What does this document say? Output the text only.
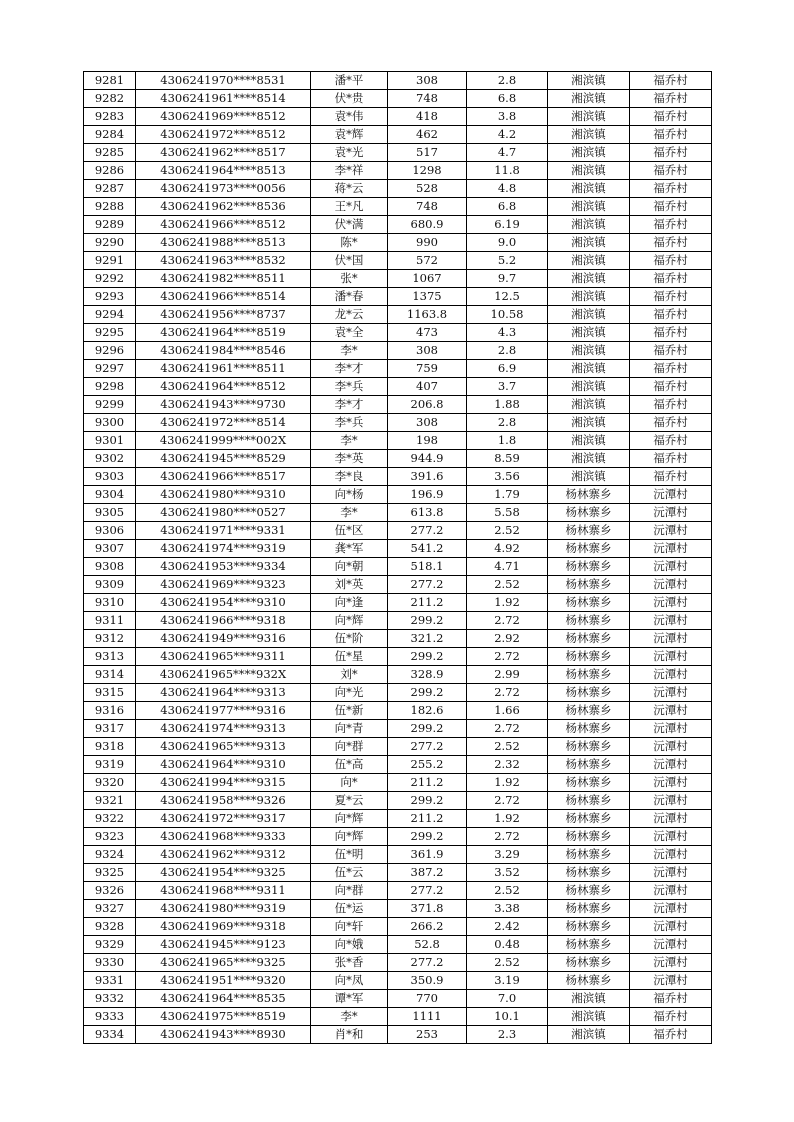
9281	4306241970****8531	潘*平	308	2.8	湘滨镇	福乔村
9282	4306241961****8514	伏*贵	748	6.8	湘滨镇	福乔村
9283	4306241969****8512	袁*伟	418	3.8	湘滨镇	福乔村
9284	4306241972****8512	袁*辉	462	4.2	湘滨镇	福乔村
9285	4306241962****8517	袁*光	517	4.7	湘滨镇	福乔村
9286	4306241964****8513	李*祥	1298	11.8	湘滨镇	福乔村
9287	4306241973****0056	蒋*云	528	4.8	湘滨镇	福乔村
9288	4306241962****8536	王*凡	748	6.8	湘滨镇	福乔村
9289	4306241966****8512	伏*满	680.9	6.19	湘滨镇	福乔村
9290	4306241988****8513	陈*	990	9.0	湘滨镇	福乔村
9291	4306241963****8532	伏*国	572	5.2	湘滨镇	福乔村
9292	4306241982****8511	张*	1067	9.7	湘滨镇	福乔村
9293	4306241966****8514	潘*春	1375	12.5	湘滨镇	福乔村
9294	4306241956****8737	龙*云	1163.8	10.58	湘滨镇	福乔村
9295	4306241964****8519	袁*全	473	4.3	湘滨镇	福乔村
9296	4306241984****8546	李*	308	2.8	湘滨镇	福乔村
9297	4306241961****8511	李*才	759	6.9	湘滨镇	福乔村
9298	4306241964****8512	李*兵	407	3.7	湘滨镇	福乔村
9299	4306241943****9730	李*才	206.8	1.88	湘滨镇	福乔村
9300	4306241972****8514	李*兵	308	2.8	湘滨镇	福乔村
9301	4306241999****002X	李*	198	1.8	湘滨镇	福乔村
9302	4306241945****8529	李*英	944.9	8.59	湘滨镇	福乔村
9303	4306241966****8517	李*良	391.6	3.56	湘滨镇	福乔村
9304	4306241980****9310	向*杨	196.9	1.79	杨林寨乡	沅潭村
9305	4306241980****0527	李*	613.8	5.58	杨林寨乡	沅潭村
9306	4306241971****9331	伍*区	277.2	2.52	杨林寨乡	沅潭村
9307	4306241974****9319	龚*军	541.2	4.92	杨林寨乡	沅潭村
9308	4306241953****9334	向*朝	518.1	4.71	杨林寨乡	沅潭村
9309	4306241969****9323	刘*英	277.2	2.52	杨林寨乡	沅潭村
9310	4306241954****9310	向*逢	211.2	1.92	杨林寨乡	沅潭村
9311	4306241966****9318	向*辉	299.2	2.72	杨林寨乡	沅潭村
9312	4306241949****9316	伍*阶	321.2	2.92	杨林寨乡	沅潭村
9313	4306241965****9311	伍*星	299.2	2.72	杨林寨乡	沅潭村
9314	4306241965****932X	刘*	328.9	2.99	杨林寨乡	沅潭村
9315	4306241964****9313	向*光	299.2	2.72	杨林寨乡	沅潭村
9316	4306241977****9316	伍*新	182.6	1.66	杨林寨乡	沅潭村
9317	4306241974****9313	向*青	299.2	2.72	杨林寨乡	沅潭村
9318	4306241965****9313	向*群	277.2	2.52	杨林寨乡	沅潭村
9319	4306241964****9310	伍*高	255.2	2.32	杨林寨乡	沅潭村
9320	4306241994****9315	向*	211.2	1.92	杨林寨乡	沅潭村
9321	4306241958****9326	夏*云	299.2	2.72	杨林寨乡	沅潭村
9322	4306241972****9317	向*辉	211.2	1.92	杨林寨乡	沅潭村
9323	4306241968****9333	向*辉	299.2	2.72	杨林寨乡	沅潭村
9324	4306241962****9312	伍*明	361.9	3.29	杨林寨乡	沅潭村
9325	4306241954****9325	伍*云	387.2	3.52	杨林寨乡	沅潭村
9326	4306241968****9311	向*群	277.2	2.52	杨林寨乡	沅潭村
9327	4306241980****9319	伍*运	371.8	3.38	杨林寨乡	沅潭村
9328	4306241969****9318	向*轩	266.2	2.42	杨林寨乡	沅潭村
9329	4306241945****9123	向*娥	52.8	0.48	杨林寨乡	沅潭村
9330	4306241965****9325	张*香	277.2	2.52	杨林寨乡	沅潭村
9331	4306241951****9320	向*凤	350.9	3.19	杨林寨乡	沅潭村
9332	4306241964****8535	谭*军	770	7.0	湘滨镇	福乔村
9333	4306241975****8519	李*	1111	10.1	湘滨镇	福乔村
9334	4306241943****8930	肖*和	253	2.3	湘滨镇	福乔村
